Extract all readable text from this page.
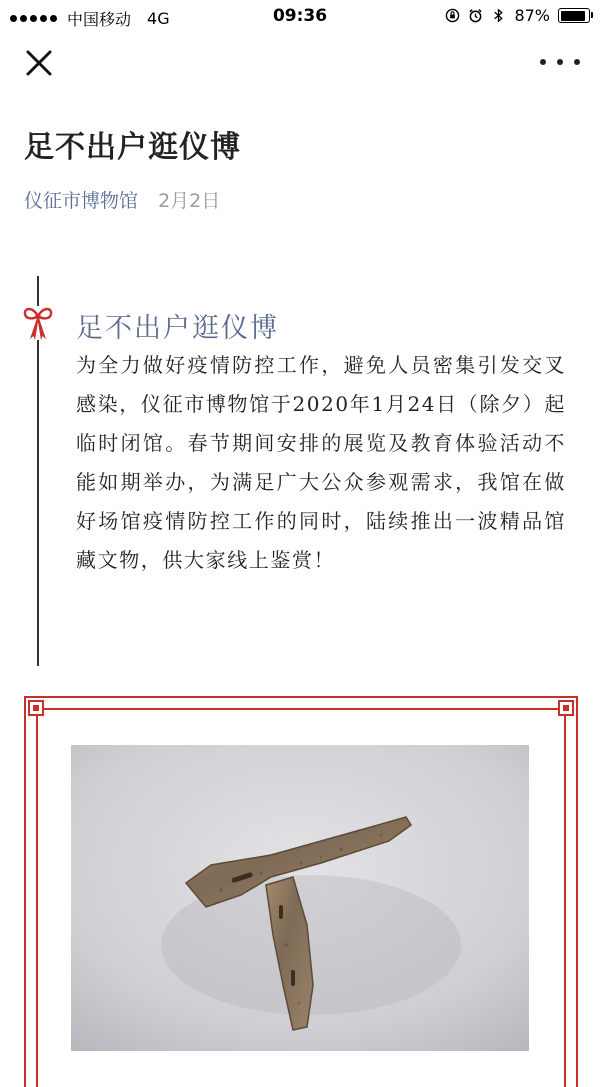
中国移动 4G	09:36	87%
足不出户逛仪博
仪征市博物馆 2月2日
足不出户逛仪博
为全力做好疫情防控工作，避免人员密集引发交叉感染，仪征市博物馆于2020年1月24日（除夕）起临时闭馆。春节期间安排的展览及教育体验活动不能如期举办，为满足广大公众参观需求，我馆在做好场馆疫情防控工作的同时，陆续推出一波精品馆藏文物，供大家线上鉴赏！
